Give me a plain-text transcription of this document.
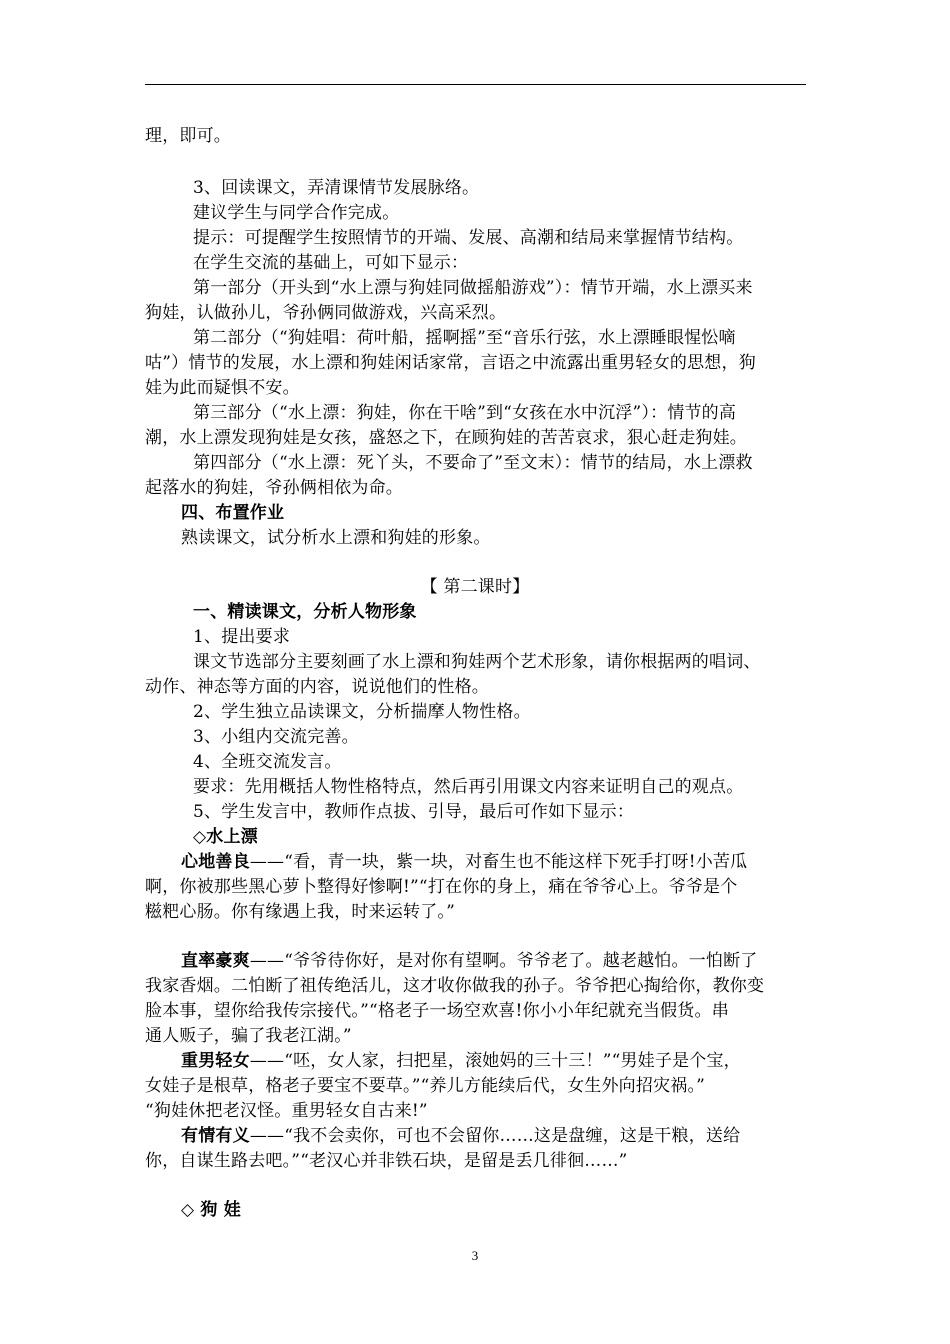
理，即可。
3、回读课文，弄清课情节发展脉络。
建议学生与同学合作完成。
提示：可提醒学生按照情节的开端、发展、高潮和结局来掌握情节结构。
在学生交流的基础上，可如下显示：
第一部分（开头到“水上漂与狗娃同做摇船游戏”）：情节开端，水上漂买来
狗娃，认做孙儿，爷孙俩同做游戏，兴高采烈。
第二部分（“狗娃唱：荷叶船，摇啊摇”至“音乐行弦，水上漂睡眼惺忪嘀
咕”）情节的发展，水上漂和狗娃闲话家常，言语之中流露出重男轻女的思想，狗
娃为此而疑惧不安。
第三部分（“水上漂：狗娃，你在干啥”到“女孩在水中沉浮”）：情节的高
潮，水上漂发现狗娃是女孩，盛怒之下，在顾狗娃的苦苦哀求，狠心赶走狗娃。
第四部分（“水上漂：死丫头，不要命了”至文末）：情节的结局，水上漂救
起落水的狗娃，爷孙俩相依为命。
四、布置作业
熟读课文，试分析水上漂和狗娃的形象。
【 第二课时】
一、精读课文，分析人物形象
1、提出要求
课文节选部分主要刻画了水上漂和狗娃两个艺术形象，请你根据两的唱词、
动作、神态等方面的内容，说说他们的性格。
2、学生独立品读课文，分析揣摩人物性格。
3、小组内交流完善。
4、全班交流发言。
要求：先用概括人物性格特点，然后再引用课文内容来证明自己的观点。
5、学生发言中，教师作点拔、引导，最后可作如下显示：
◇水上漂
心地善良——“看，青一块，紫一块，对畜生也不能这样下死手打呀!小苦瓜
啊，你被那些黑心萝卜整得好惨啊!”“打在你的身上，痛在爷爷心上。爷爷是个
糍粑心肠。你有缘遇上我，时来运转了。”
直率豪爽——“爷爷待你好，是对你有望啊。爷爷老了。越老越怕。一怕断了
我家香烟。二怕断了祖传绝活儿，这才收你做我的孙子。爷爷把心掏给你，教你变
脸本事，望你给我传宗接代。”“格老子一场空欢喜!你小小年纪就充当假货。串
通人贩子，骗了我老江湖。”
重男轻女——“呸，女人家，扫把星，滚她妈的三十三！”“男娃子是个宝，
女娃子是根草，格老子要宝不要草。”“养儿方能续后代，女生外向招灾祸。”
“狗娃休把老汉怪。重男轻女自古来!”
有情有义——“我不会卖你，可也不会留你……这是盘缠，这是干粮，送给
你，自谋生路去吧。”“老汉心并非铁石块，是留是丢几徘徊……”
◇ 狗 娃
3
